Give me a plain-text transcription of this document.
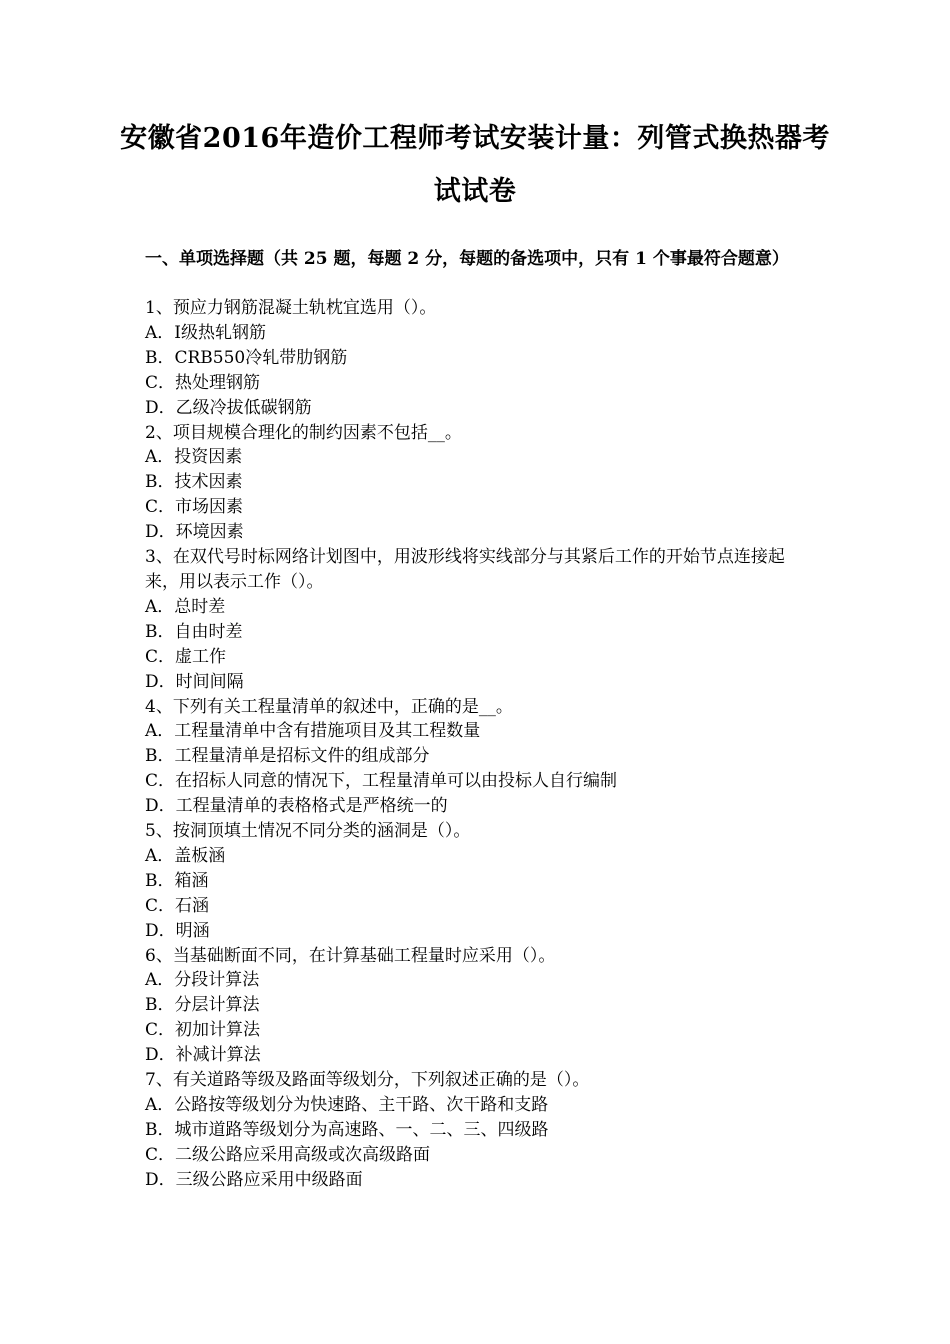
安徽省2016年造价工程师考试安装计量：列管式换热器考试试卷
一、单项选择题（共 25 题，每题 2 分，每题的备选项中，只有 1 个事最符合题意）
1、预应力钢筋混凝土轨枕宜选用（）。
A．Ⅰ级热轧钢筋
B．CRB550冷轧带肋钢筋
C．热处理钢筋
D．乙级冷拔低碳钢筋
2、项目规模合理化的制约因素不包括__。
A．投资因素
B．技术因素
C．市场因素
D．环境因素
3、在双代号时标网络计划图中，用波形线将实线部分与其紧后工作的开始节点连接起来，用以表示工作（）。
A．总时差
B．自由时差
C．虚工作
D．时间间隔
4、下列有关工程量清单的叙述中，正确的是__。
A．工程量清单中含有措施项目及其工程数量
B．工程量清单是招标文件的组成部分
C．在招标人同意的情况下，工程量清单可以由投标人自行编制
D．工程量清单的表格格式是严格统一的
5、按洞顶填土情况不同分类的涵洞是（）。
A．盖板涵
B．箱涵
C．石涵
D．明涵
6、当基础断面不同，在计算基础工程量时应采用（）。
A．分段计算法
B．分层计算法
C．初加计算法
D．补减计算法
7、有关道路等级及路面等级划分，下列叙述正确的是（）。
A．公路按等级划分为快速路、主干路、次干路和支路
B．城市道路等级划分为高速路、一、二、三、四级路
C．二级公路应采用高级或次高级路面
D．三级公路应采用中级路面
